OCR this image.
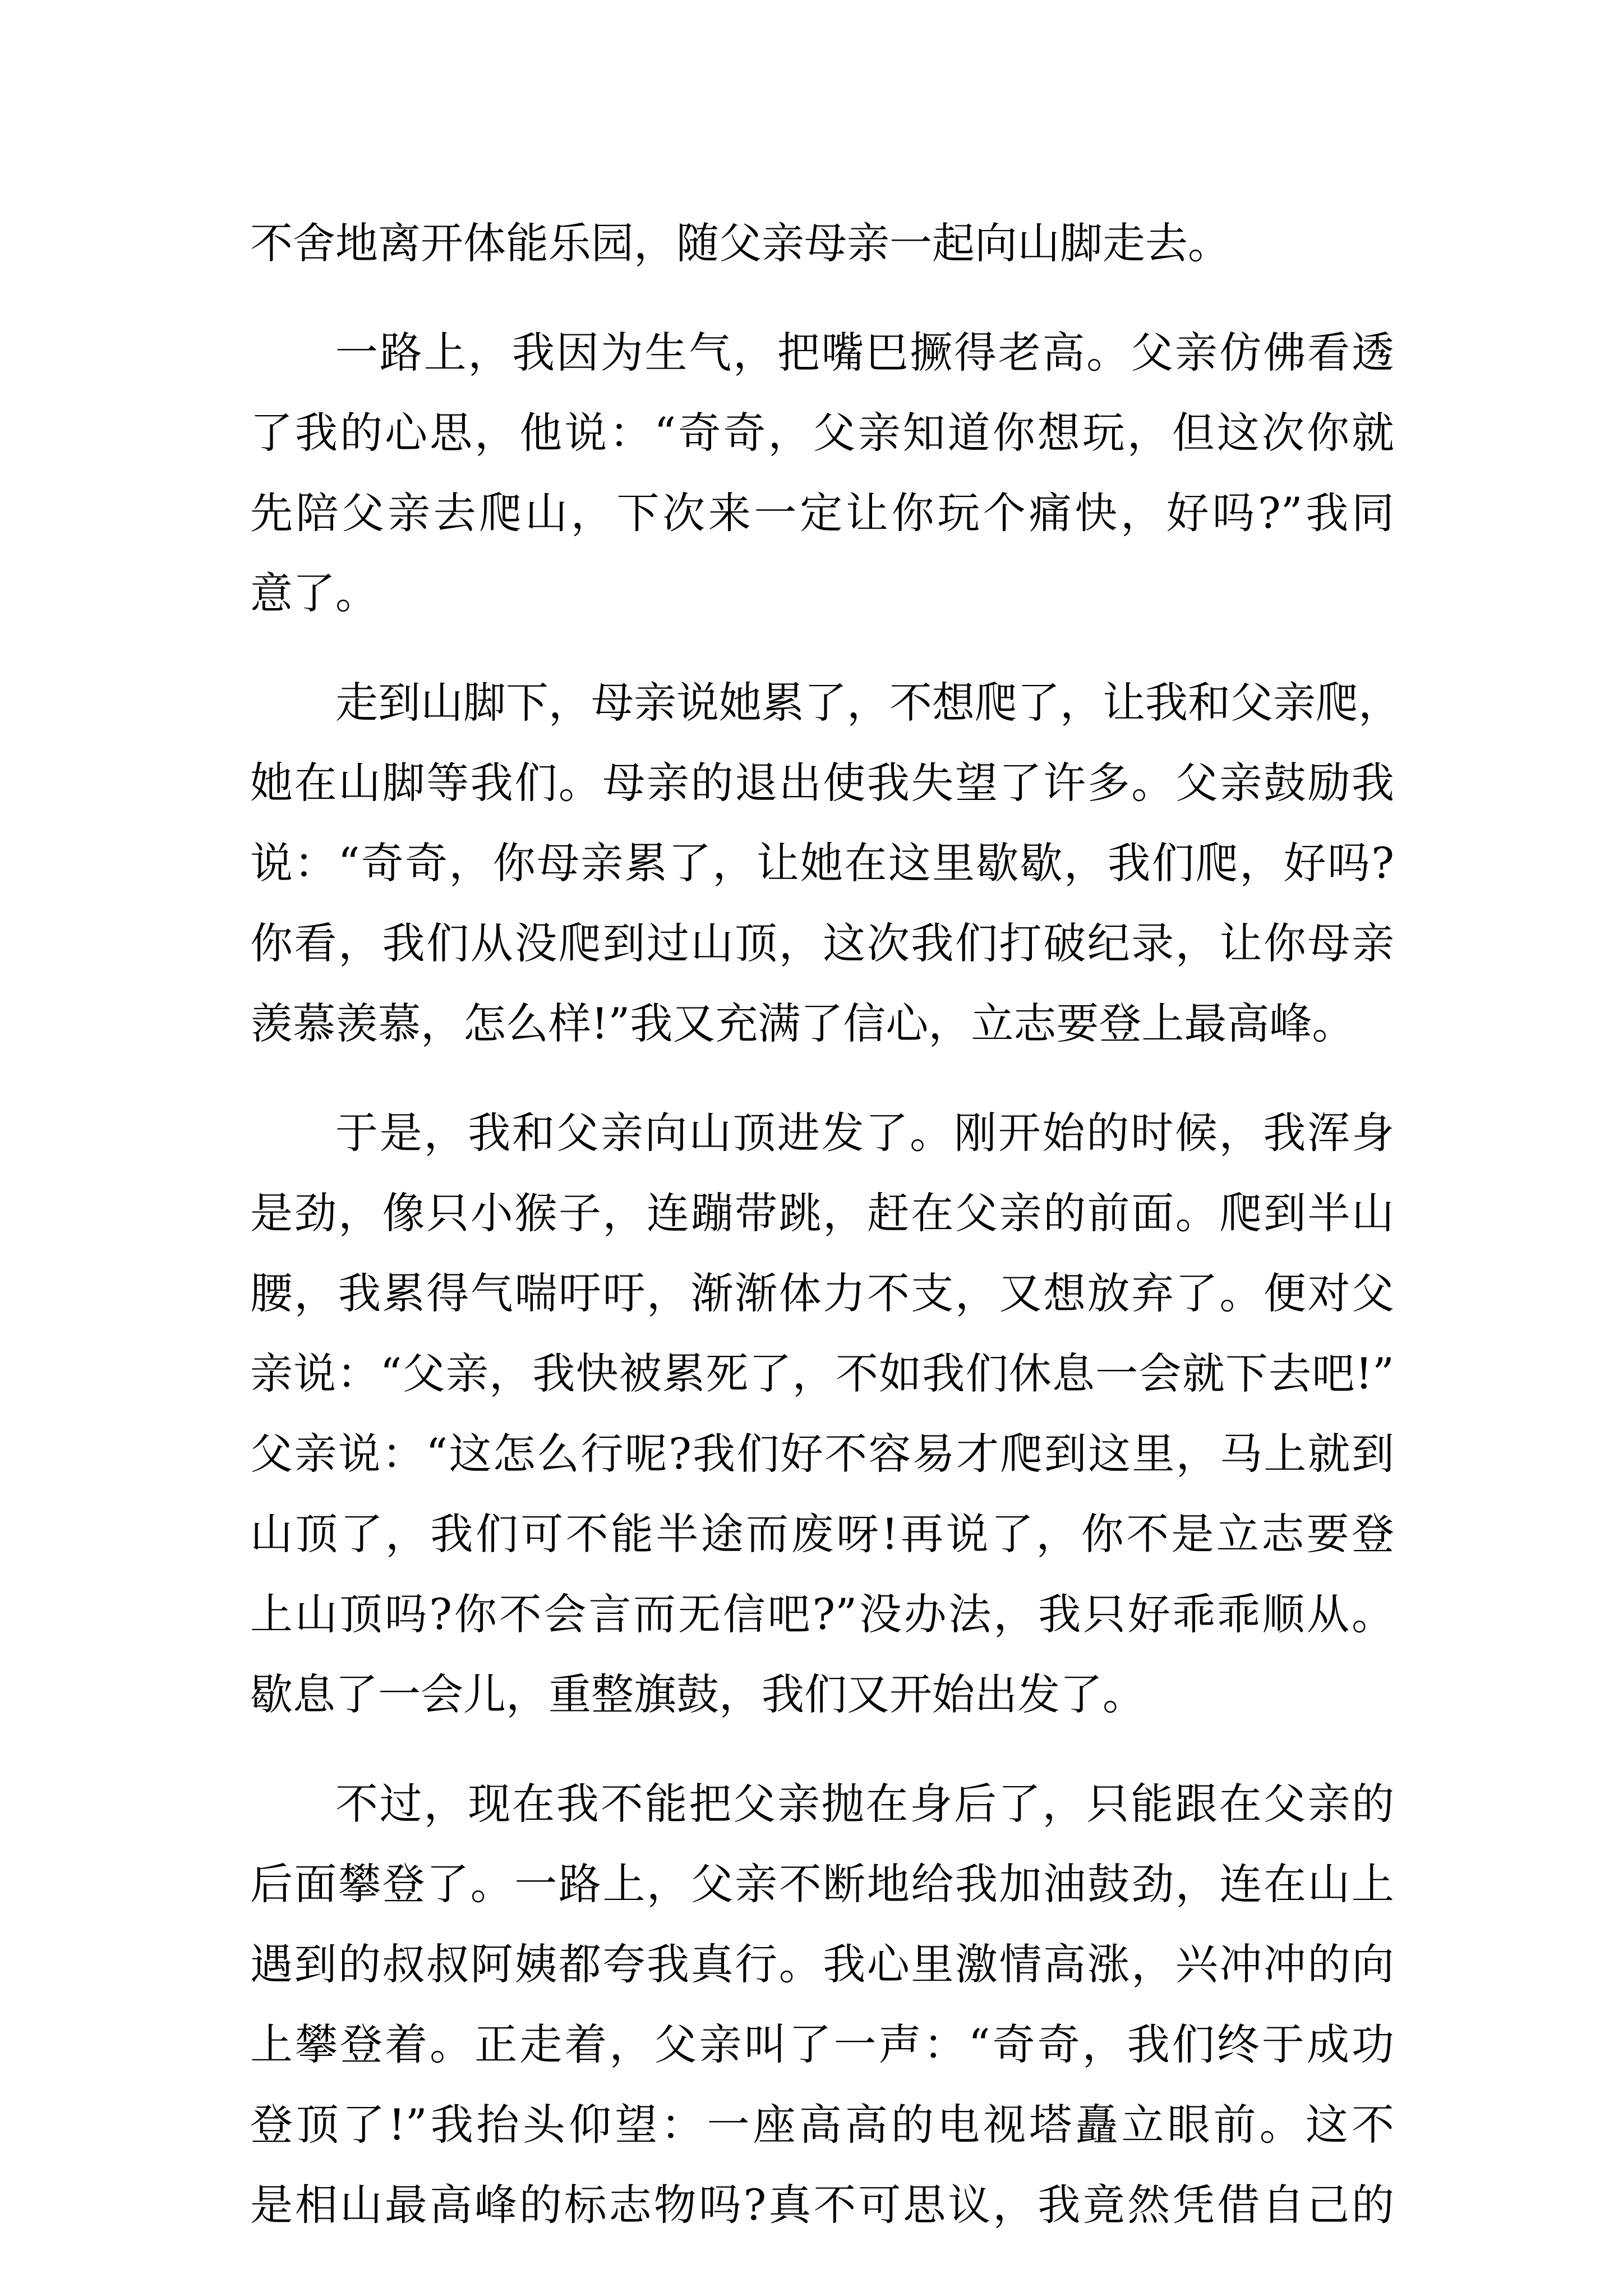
不舍地离开体能乐园，随父亲母亲一起向山脚走去。
一路上，我因为生气，把嘴巴撅得老高。父亲仿佛看透
了我的心思，他说：“奇奇，父亲知道你想玩，但这次你就
先陪父亲去爬山，下次来一定让你玩个痛快，好吗?”我同
意了。
走到山脚下，母亲说她累了，不想爬了，让我和父亲爬，
她在山脚等我们。母亲的退出使我失望了许多。父亲鼓励我
说：“奇奇，你母亲累了，让她在这里歇歇，我们爬，好吗?
你看，我们从没爬到过山顶，这次我们打破纪录，让你母亲
羡慕羡慕，怎么样!”我又充满了信心，立志要登上最高峰。
于是，我和父亲向山顶进发了。刚开始的时候，我浑身
是劲，像只小猴子，连蹦带跳，赶在父亲的前面。爬到半山
腰，我累得气喘吁吁，渐渐体力不支，又想放弃了。便对父
亲说：“父亲，我快被累死了，不如我们休息一会就下去吧!”
父亲说：“这怎么行呢?我们好不容易才爬到这里，马上就到
山顶了，我们可不能半途而废呀!再说了，你不是立志要登
上山顶吗?你不会言而无信吧?”没办法，我只好乖乖顺从。
歇息了一会儿，重整旗鼓，我们又开始出发了。
不过，现在我不能把父亲抛在身后了，只能跟在父亲的
后面攀登了。一路上，父亲不断地给我加油鼓劲，连在山上
遇到的叔叔阿姨都夸我真行。我心里激情高涨，兴冲冲的向
上攀登着。正走着，父亲叫了一声：“奇奇，我们终于成功
登顶了!”我抬头仰望：一座高高的电视塔矗立眼前。这不
是相山最高峰的标志物吗?真不可思议，我竟然凭借自己的
